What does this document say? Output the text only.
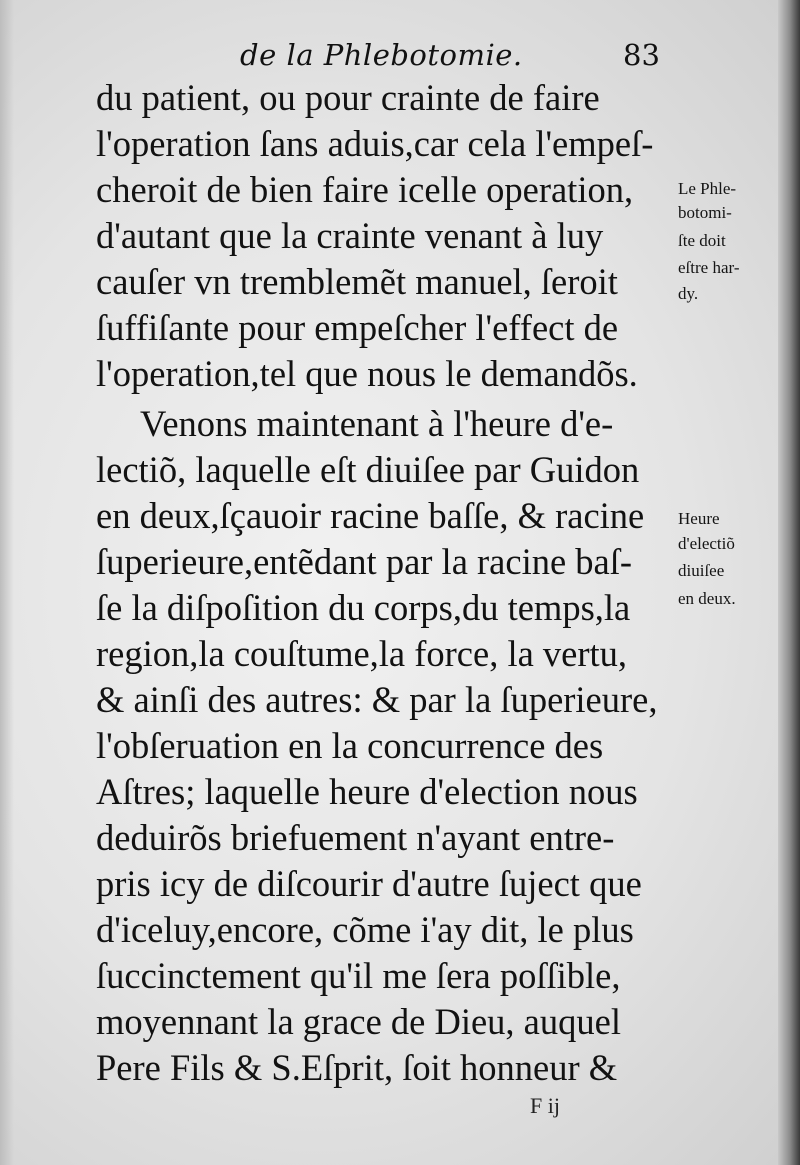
de la Phlebotomie.	83
du patient, ou pour crainte de faire
l'operation ſans aduis,car cela l'empeſ-
cheroit de bien faire icelle operation,
d'autant que la crainte venant à luy
cauſer vn tremblemẽt manuel, ſeroit
ſuffiſante pour empeſcher l'effect de
l'operation,tel que nous le demandõs.
Venons maintenant à l'heure d'e-
lectiõ, laquelle eſt diuiſee par Guidon
en deux,ſçauoir racine baſſe, & racine
ſuperieure,entẽdant par la racine baſ-
ſe la diſpoſition du corps,du temps,la
region,la couſtume,la force, la vertu,
& ainſi des autres: & par la ſuperieure,
l'obſeruation en la concurrence des
Aſtres; laquelle heure d'election nous
deduirõs briefuement n'ayant entre-
pris icy de diſcourir d'autre ſuject que
d'iceluy,encore, cõme i'ay dit, le plus
ſuccinctement qu'il me ſera poſſible,
moyennant la grace de Dieu, auquel
Pere Fils & S.Eſprit, ſoit honneur &
Le Phle-
botomi-
ſte doit
eſtre har-
dy.
Heure
d'electiõ
diuiſee
en deux.
F ij
